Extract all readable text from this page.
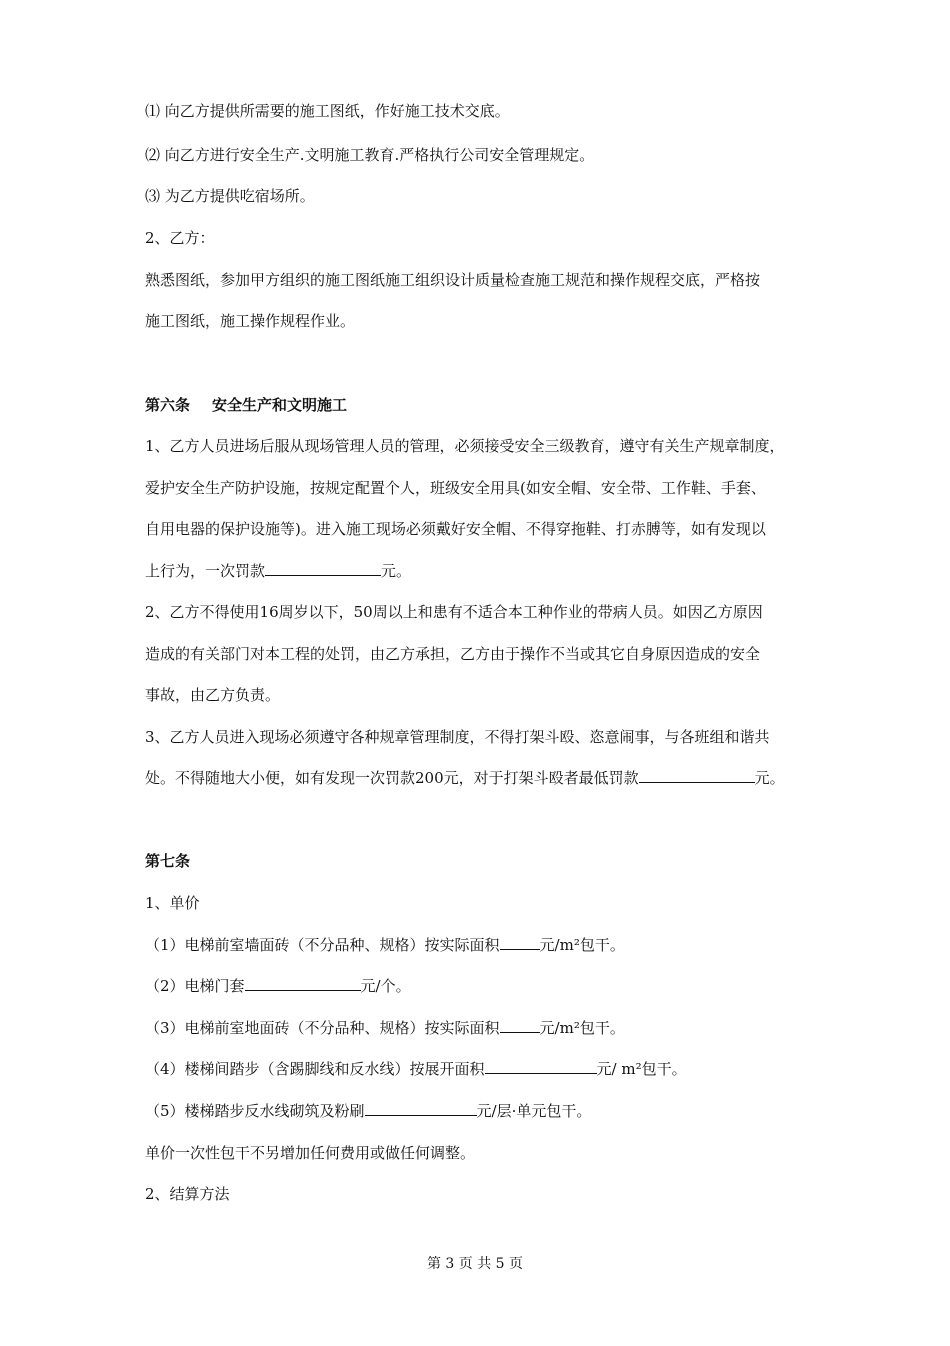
⑴ 向乙方提供所需要的施工图纸，作好施工技术交底。
⑵ 向乙方进行安全生产.文明施工教育.严格执行公司安全管理规定。
⑶ 为乙方提供吃宿场所。
2、乙方：
熟悉图纸，参加甲方组织的施工图纸施工组织设计质量检查施工规范和操作规程交底，严格按
施工图纸，施工操作规程作业。
第六条 安全生产和文明施工
1、乙方人员进场后服从现场管理人员的管理，必须接受安全三级教育，遵守有关生产规章制度，
爱护安全生产防护设施，按规定配置个人，班级安全用具(如安全帽、安全带、工作鞋、手套、
自用电器的保护设施等)。进入施工现场必须戴好安全帽、不得穿拖鞋、打赤膊等，如有发现以
上行为，一次罚款	元。
2、乙方不得使用16周岁以下，50周以上和患有不适合本工种作业的带病人员。如因乙方原因
造成的有关部门对本工程的处罚，由乙方承担，乙方由于操作不当或其它自身原因造成的安全
事故，由乙方负责。
3、乙方人员进入现场必须遵守各种规章管理制度，不得打架斗殴、恣意闹事，与各班组和谐共
处。不得随地大小便，如有发现一次罚款200元，对于打架斗殴者最低罚款	元。
第七条
1、单价
（1）电梯前室墙面砖（不分品种、规格）按实际面积	元/m²包干。
（2）电梯门套	元/个。
（3）电梯前室地面砖（不分品种、规格）按实际面积	元/m²包干。
（4）楼梯间踏步（含踢脚线和反水线）按展开面积	元/ m²包干。
（5）楼梯踏步反水线砌筑及粉刷	元/层·单元包干。
单价一次性包干不另增加任何费用或做任何调整。
2、结算方法
第 3 页 共 5 页
